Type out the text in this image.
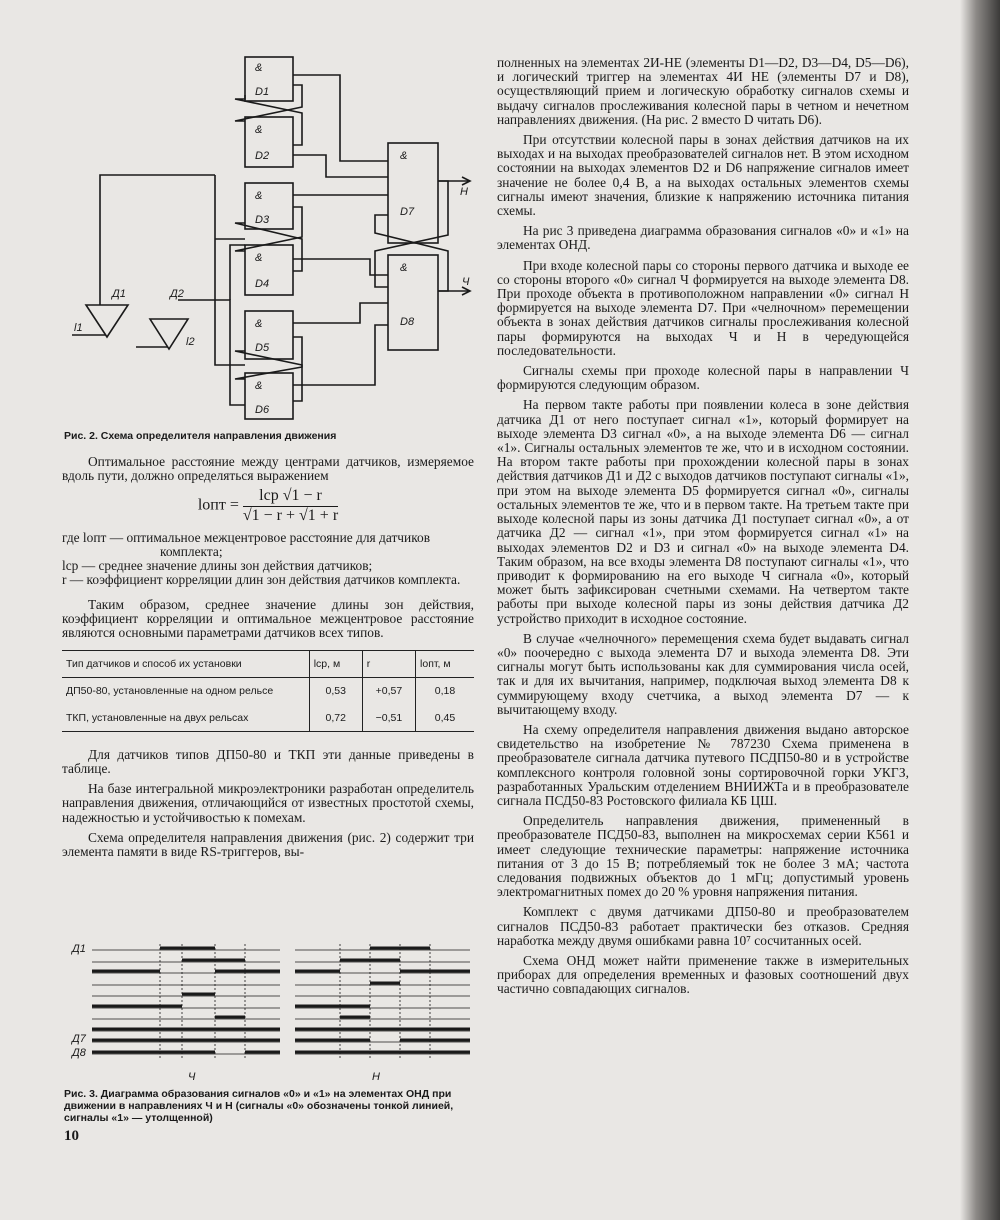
&
D1
&
D2
&
D3
&
D4
&
D5
&
D6
&
D7
&
D8
Д1	Д2
Н
Ч
l1
l2
Рис. 2. Схема определителя направления движения

Оптимальное расстояние между центрами датчиков, измеряемое вдоль пути, должно определяться выражением

lопт = $\frac{\text{lср √1 − r}}{√1 - r + √1 + r}$
где lопт — оптимальное межцентровое расстояние для датчиков комплекта;
lср — среднее значение длины зон действия датчиков;
r — коэффициент корреляции длин зон действия датчиков комплекта.

Таким образом, среднее значение длины зон действия, коэффициент корреляции и оптимальное межцентровое расстояние являются основными параметрами датчиков всех типов.

Тип датчиков и способ их установки	lср, м	r	lопт, м
ДП50-80, установленные на одном рельсе	0,53	+0,57	0,18
ТКП, установленные на двух рельсах	0,72	−0,51	0,45

Для датчиков типов ДП50-80 и ТКП эти данные приведены в таблице.

На базе интегральной микроэлектроники разработан определитель направления движения, отличающийся от известных простотой схемы, надежностью и устойчивостью к помехам.

Схема определителя направления движения (рис. 2) содержит три элемента памяти в виде RS-триггеров, вы-

Д1
Д7
Д8
Ч	Н
Рис. 3. Диаграмма образования сигналов «0» и «1» на элементах ОНД при движении в направлениях Ч и Н (сигналы «0» обозначены тонкой линией, сигналы «1» — утолщенной)
10

полненных на элементах 2И-НЕ (элементы D1—D2, D3—D4, D5—D6), и логический триггер на элементах 4И НЕ (элементы D7 и D8), осуществляющий прием и логическую обработку сигналов схемы и выдачу сигналов прослеживания колесной пары в четном и нечетном направлениях движения. (На рис. 2 вместо D читать D6).

При отсутствии колесной пары в зонах действия датчиков на их выходах и на выходах преобразователей сигналов нет. В этом исходном состоянии на выходах элементов D2 и D6 напряжение сигналов имеет значение не более 0,4 В, а на выходах остальных элементов схемы сигналы имеют значения, близкие к напряжению источника питания схемы.

На рис 3 приведена диаграмма образования сигналов «0» и «1» на элементах ОНД.

При входе колесной пары со стороны первого датчика и выходе ее со стороны второго «0» сигнал Ч формируется на выходе элемента D8. При проходе объекта в противоположном направлении «0» сигнал Н формируется на выходе элемента D7. При «челночном» перемещении объекта в зонах действия датчиков сигналы прослеживания колесной пары формируются на выходах Ч и Н в чередующейся последовательности.

Сигналы схемы при проходе колесной пары в направлении Ч формируются следующим образом.

На первом такте работы при появлении колеса в зоне действия датчика Д1 от него поступает сигнал «1», который формирует на выходе элемента D3 сигнал «0», а на выходе элемента D6 — сигнал «1». Сигналы остальных элементов те же, что и в исходном состоянии. На втором такте работы при прохождении колесной пары в зонах действия датчиков Д1 и Д2 с выходов датчиков поступают сигналы «1», при этом на выходе элемента D5 формируется сигнал «0», сигналы остальных элементов те же, что и в первом такте. На третьем такте при выходе колесной пары из зоны датчика Д1 поступает сигнал «0», а от датчика Д2 — сигнал «1», при этом формируется сигнал «1» на выходах элементов D2 и D3 и сигнал «0» на выходе элемента D4. Таким образом, на все входы элемента D8 поступают сигналы «1», что приводит к формированию на его выходе Ч сигнала «0», который может быть зафиксирован счетными схемами. На четвертом такте работы при выходе колесной пары из зоны действия датчика Д2 устройство приходит в исходное состояние.

В случае «челночного» перемещения схема будет выдавать сигнал «0» поочередно с выхода элемента D7 и выхода элемента D8. Эти сигналы могут быть использованы как для суммирования числа осей, так и для их вычитания, например, подключая выход элемента D8 к суммирующему входу счетчика, а выход элемента D7 — к вычитающему входу.

На схему определителя направления движения выдано авторское свидетельство на изобретение № 787230 Схема применена в преобразователе сигнала датчика путевого ПСДП50-80 и в устройстве комплексного контроля головной зоны сортировочной горки УКГЗ, разработанных Уральским отделением ВНИИЖТа и в преобразователе сигнала ПСД50-83 Ростовского филиала КБ ЦШ.

Определитель направления движения, примененный в преобразователе ПСД50-83, выполнен на микросхемах серии К561 и имеет следующие технические параметры: напряжение источника питания от 3 до 15 В; потребляемый ток не более 3 мА; частота следования подвижных объектов до 1 мГц; допустимый уровень электромагнитных помех до 20 % уровня напряжения питания.

Комплект с двумя датчиками ДП50-80 и преобразователем сигналов ПСД50-83 работает практически без отказов. Средняя наработка между двумя ошибками равна 10⁷ сосчитанных осей.

Схема ОНД может найти применение также в измерительных приборах для определения временных и фазовых соотношений двух частично совпадающих сигналов.
